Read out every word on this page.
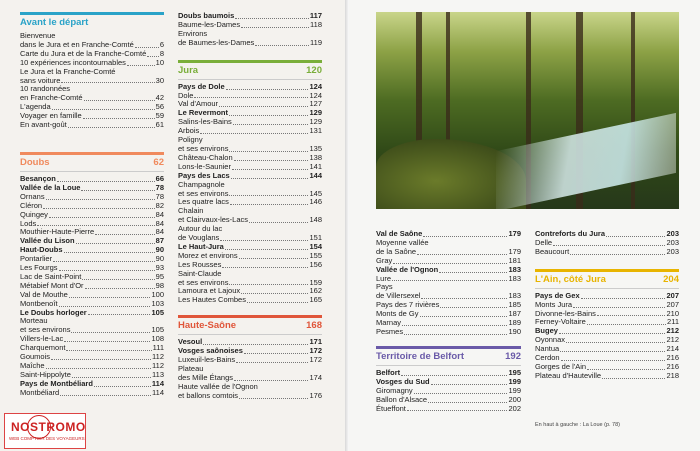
Avant le départ
Bienvenue
dans le Jura et en Franche-Comté	6
Carte du Jura et de la Franche-Comté 8
10 expériences incontournables	10
Le Jura et la Franche-Comté
sans voiture	30
10 randonnées
en Franche-Comté	42
L'agenda	56
Voyager en famille	59
En avant-goût	61
Doubs	62
Besançon	66
Vallée de la Loue	78
Ornans	78
Cléron	82
Quingey	84
Lods	84
Mouthier-Haute-Pierre	84
Vallée du Lison	87
Haut-Doubs	90
Pontarlier	90
Les Fourgs	93
Lac de Saint-Point	95
Métabief Mont d'Or	98
Val de Mouthe	100
Montbenoît	103
Le Doubs horloger	105
Morteau
et ses environs	105
Villers-le-Lac	108
Charquemont	111
Goumois	112
Maîche	112
Saint-Hippolyte	113
Pays de Montbéliard	114
Montbéliard	114
Doubs baumois	117
Baume-les-Dames	118
Environs
de Baumes-les-Dames	119
Jura	120
Pays de Dole	124
Dole	124
Val d'Amour	127
Le Revermont	129
Salins-les-Bains	129
Arbois	131
Poligny
et ses environs	135
Château-Chalon	138
Lons-le-Saunier	141
Pays des Lacs	144
Champagnole
et ses environs	145
Les quatre lacs	146
Chalain
et Clairvaux-les-Lacs	148
Autour du lac
de Vouglans	151
Le Haut-Jura	154
Morez et environs	155
Les Rousses	156
Saint-Claude
et ses environs	159
Lamoura et Lajoux	162
Les Hautes Combes	165
Haute-Saône	168
Vesoul	171
Vosges saônoises	172
Luxeuil-les-Bains	172
Plateau
des Mille Étangs	174
Haute vallée de l'Ognon
et ballons comtois	176
Val de Saône	179
Moyenne vallée
de la Saône	179
Gray	181
Vallée de l'Ognon	183
Lure	183
Pays
de Villersexel	183
Pays des 7 rivières	185
Monts de Gy	187
Marnay	189
Pesmes	190
Territoire de Belfort	192
Belfort	195
Vosges du Sud	199
Giromagny	199
Ballon d'Alsace	200
Étueffont	202
Contreforts du Jura	203
Delle	203
Beaucourt	203
L'Ain, côté Jura	204
Pays de Gex	207
Monts Jura	207
Divonne-les-Bains	210
Ferney-Voltaire	211
Bugey	212
Oyonnax	212
Nantua	214
Cerdon	216
Gorges de l'Ain	216
Plateau d'Hauteville	218
En haut à gauche : La Loue (p. 78)
NOSTROMO
WEB COMPTOIR DES VOYAGEURS
